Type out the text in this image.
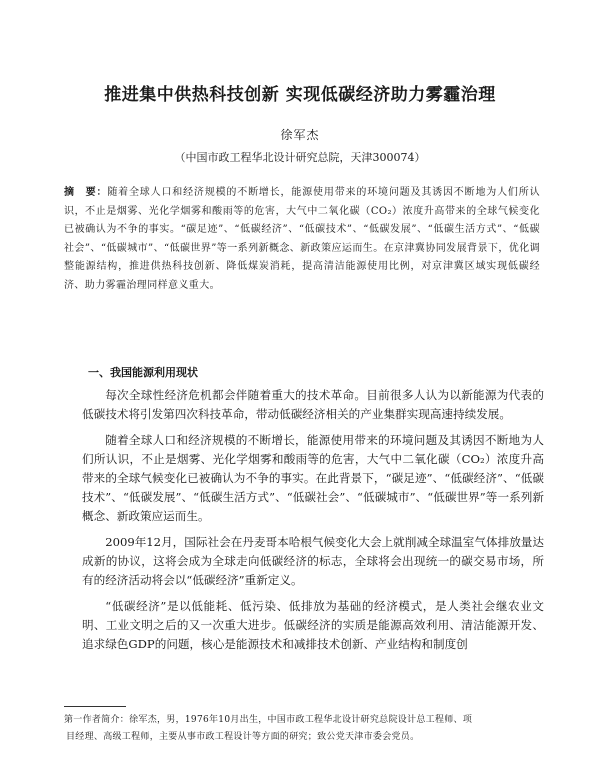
推进集中供热科技创新 实现低碳经济助力雾霾治理
徐军杰
（中国市政工程华北设计研究总院，天津300074）

摘　要：随着全球人口和经济规模的不断增长，能源使用带来的环境问题及其诱因不断地为人们所认识，不止是烟雾、光化学烟雾和酸雨等的危害，大气中二氧化碳（CO₂）浓度升高带来的全球气候变化已被确认为不争的事实。“碳足迹”、“低碳经济”、“低碳技术”、“低碳发展”、“低碳生活方式”、“低碳社会”、“低碳城市”、“低碳世界”等一系列新概念、新政策应运而生。在京津冀协同发展背景下，优化调整能源结构，推进供热科技创新、降低煤炭消耗，提高清洁能源使用比例，对京津冀区域实现低碳经济、助力雾霾治理同样意义重大。

一、我国能源利用现状

每次全球性经济危机都会伴随着重大的技术革命。目前很多人认为以新能源为代表的低碳技术将引发第四次科技革命，带动低碳经济相关的产业集群实现高速持续发展。

随着全球人口和经济规模的不断增长，能源使用带来的环境问题及其诱因不断地为人们所认识，不止是烟雾、光化学烟雾和酸雨等的危害，大气中二氧化碳（CO₂）浓度升高带来的全球气候变化已被确认为不争的事实。在此背景下，“碳足迹”、“低碳经济”、“低碳技术”、“低碳发展”、“低碳生活方式”、“低碳社会”、“低碳城市”、“低碳世界”等一系列新概念、新政策应运而生。

2009年12月，国际社会在丹麦哥本哈根气候变化大会上就削减全球温室气体排放量达成新的协议，这将会成为全球走向低碳经济的标志，全球将会出现统一的碳交易市场，所有的经济活动将会以“低碳经济”重新定义。

“低碳经济”是以低能耗、低污染、低排放为基础的经济模式，是人类社会继农业文明、工业文明之后的又一次重大进步。低碳经济的实质是能源高效利用、清洁能源开发、追求绿色GDP的问题，核心是能源技术和减排技术创新、产业结构和制度创

第一作者简介：徐军杰，男，1976年10月出生，中国市政工程华北设计研究总院设计总工程师、项
目经理、高级工程师，主要从事市政工程设计等方面的研究；致公党天津市委会党员。
